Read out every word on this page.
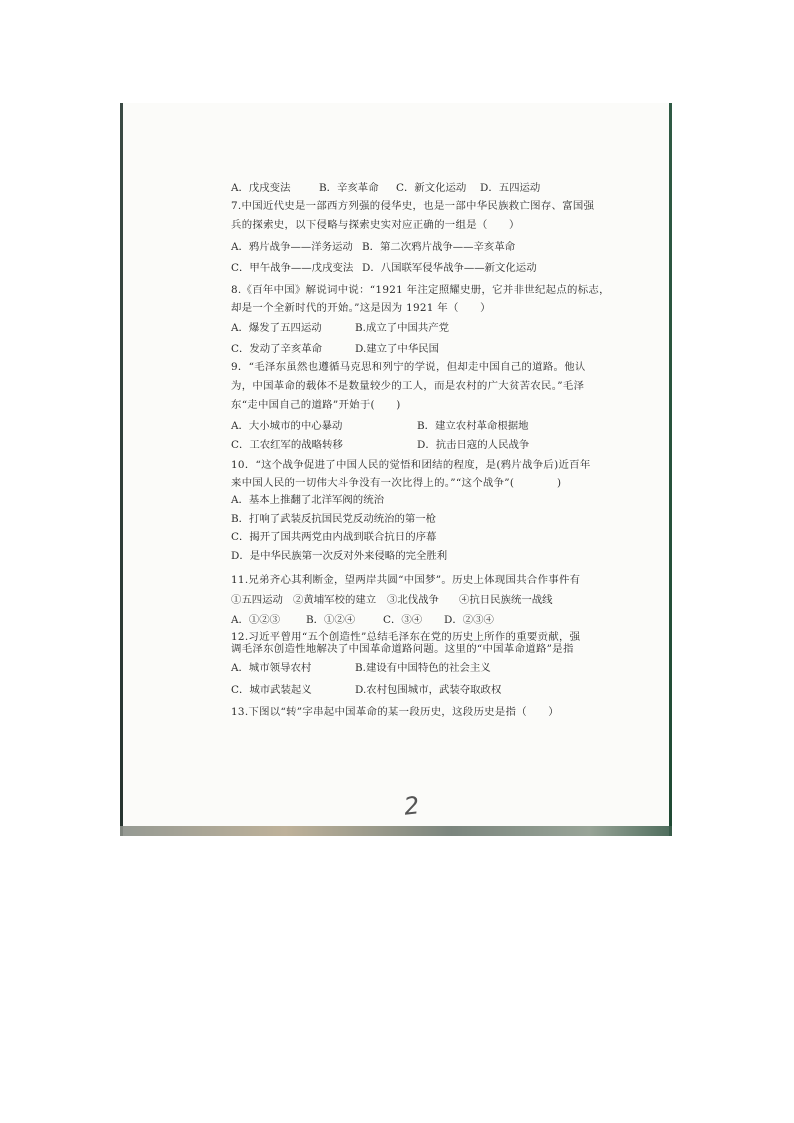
A．戊戌变法	B．辛亥革命 C．新文化运动 D．五四运动
7.中国近代史是一部西方列强的侵华史，也是一部中华民族救亡图存、富国强
兵的探索史，以下侵略与探索史实对应正确的一组是（　　）
A．鸦片战争——洋务运动 B．第二次鸦片战争——辛亥革命
C．甲午战争——戊戌变法 D．八国联军侵华战争——新文化运动
8.《百年中国》解说词中说：“1921 年注定照耀史册，它并非世纪起点的标志，
却是一个全新时代的开始。”这是因为 1921 年（　　）
A．爆发了五四运动	B.成立了中国共产党
C．发动了辛亥革命	D.建立了中华民国
9．“毛泽东虽然也遵循马克思和列宁的学说，但却走中国自己的道路。他认
为，中国革命的载体不是数量较少的工人，而是农村的广大贫苦农民。”毛泽
东“走中国自己的道路”开始于(　　)
A．大小城市的中心暴动	B．建立农村革命根据地
C．工农红军的战略转移	D．抗击日寇的人民战争
10．“这个战争促进了中国人民的觉悟和团结的程度，是(鸦片战争后)近百年
来中国人民的一切伟大斗争没有一次比得上的。”“这个战争”(　　　　)
A．基本上推翻了北洋军阀的统治
B．打响了武装反抗国民党反动统治的第一枪
C．揭开了国共两党由内战到联合抗日的序幕
D．是中华民族第一次反对外来侵略的完全胜利
11.兄弟齐心其利断金，望两岸共圆“中国梦”。历史上体现国共合作事件有
①五四运动 ②黄埔军校的建立 ③北伐战争 ④抗日民族统一战线
A．①②③ B．①②④	C．③④ D．②③④
12.习近平曾用“五个创造性”总结毛泽东在党的历史上所作的重要贡献，强
调毛泽东创造性地解决了中国革命道路问题。这里的“中国革命道路”是指
A．城市领导农村	B.建设有中国特色的社会主义
C．城市武装起义	D.农村包围城市，武装夺取政权
13.下图以“转”字串起中国革命的某一段历史，这段历史是指（　　）
2
